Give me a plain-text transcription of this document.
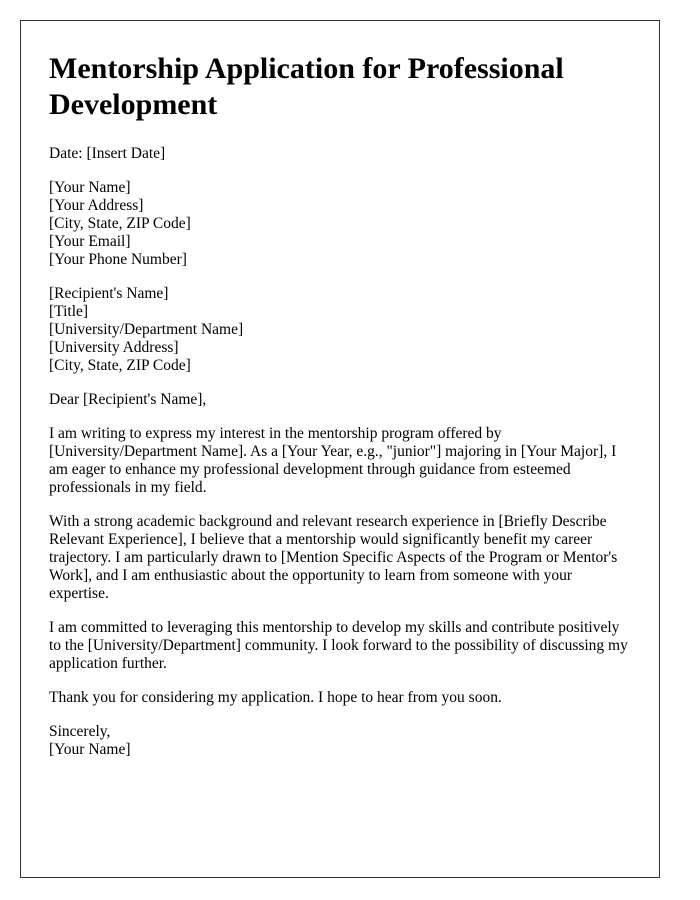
Mentorship Application for Professional Development
Date: [Insert Date]
[Your Name]
[Your Address]
[City, State, ZIP Code]
[Your Email]
[Your Phone Number]
[Recipient's Name]
[Title]
[University/Department Name]
[University Address]
[City, State, ZIP Code]

Dear [Recipient's Name],

I am writing to express my interest in the mentorship program offered by [University/Department Name]. As a [Your Year, e.g., "junior"] majoring in [Your Major], I am eager to enhance my professional development through guidance from esteemed professionals in my field.

With a strong academic background and relevant research experience in [Briefly Describe Relevant Experience], I believe that a mentorship would significantly benefit my career trajectory. I am particularly drawn to [Mention Specific Aspects of the Program or Mentor's Work], and I am enthusiastic about the opportunity to learn from someone with your expertise.

I am committed to leveraging this mentorship to develop my skills and contribute positively to the [University/Department] community. I look forward to the possibility of discussing my application further.

Thank you for considering my application. I hope to hear from you soon.

Sincerely,
[Your Name]
